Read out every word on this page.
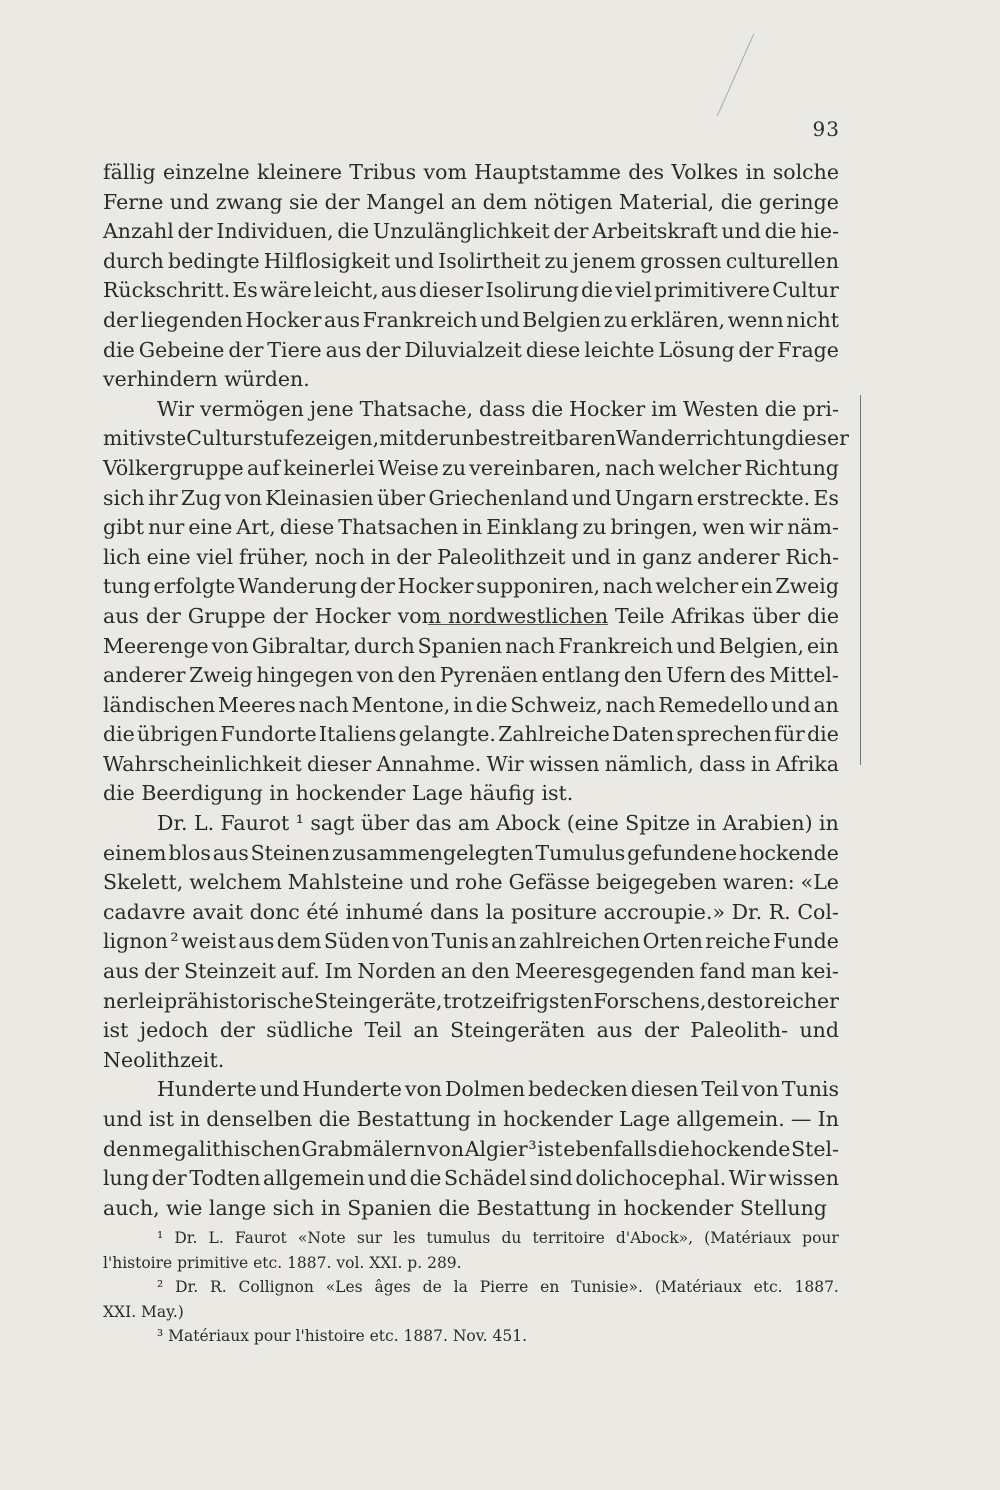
93
fällig einzelne kleinere Tribus vom Hauptstamme des Volkes in solche
Ferne und zwang sie der Mangel an dem nötigen Material, die geringe
Anzahl der Individuen, die Unzulänglichkeit der Arbeitskraft und die hie-
durch bedingte Hilflosigkeit und Isolirtheit zu jenem grossen culturellen
Rückschritt. Es wäre leicht, aus dieser Isolirung die viel primitivere Cultur
der liegenden Hocker aus Frankreich und Belgien zu erklären, wenn nicht
die Gebeine der Tiere aus der Diluvialzeit diese leichte Lösung der Frage
verhindern würden.
Wir vermögen jene Thatsache, dass die Hocker im Westen die pri-
mitivste Culturstufe zeigen, mit der unbestreitbaren Wanderrichtung dieser
Völkergruppe auf keinerlei Weise zu vereinbaren, nach welcher Richtung
sich ihr Zug von Kleinasien über Griechenland und Ungarn erstreckte. Es
gibt nur eine Art, diese Thatsachen in Einklang zu bringen, wen wir näm-
lich eine viel früher, noch in der Paleolithzeit und in ganz anderer Rich-
tung erfolgte Wanderung der Hocker supponiren, nach welcher ein Zweig
aus der Gruppe der Hocker vom nordwestlichen Teile Afrikas über die
Meerenge von Gibraltar, durch Spanien nach Frankreich und Belgien, ein
anderer Zweig hingegen von den Pyrenäen entlang den Ufern des Mittel-
ländischen Meeres nach Mentone, in die Schweiz, nach Remedello und an
die übrigen Fundorte Italiens gelangte. Zahlreiche Daten sprechen für die
Wahrscheinlichkeit dieser Annahme. Wir wissen nämlich, dass in Afrika
die Beerdigung in hockender Lage häufig ist.
Dr. L. Faurot ¹ sagt über das am Abock (eine Spitze in Arabien) in
einem blos aus Steinen zusammengelegten Tumulus gefundene hockende
Skelett, welchem Mahlsteine und rohe Gefässe beigegeben waren: «Le
cadavre avait donc été inhumé dans la positure accroupie.» Dr. R. Col-
lignon ² weist aus dem Süden von Tunis an zahlreichen Orten reiche Funde
aus der Steinzeit auf. Im Norden an den Meeresgegenden fand man kei-
nerlei prähistorische Steingeräte, trotz eifrigsten Forschens, desto reicher
ist jedoch der südliche Teil an Steingeräten aus der Paleolith- und
Neolithzeit.
Hunderte und Hunderte von Dolmen bedecken diesen Teil von Tunis
und ist in denselben die Bestattung in hockender Lage allgemein. — In
den megalithischen Grabmälern von Algier ³ ist ebenfalls die hockende Stel-
lung der Todten allgemein und die Schädel sind dolichocephal. Wir wissen
auch, wie lange sich in Spanien die Bestattung in hockender Stellung
¹ Dr. L. Faurot «Note sur les tumulus du territoire d'Abock», (Matériaux pour
l'histoire primitive etc. 1887. vol. XXI. p. 289.
² Dr. R. Collignon «Les âges de la Pierre en Tunisie». (Matériaux etc. 1887.
XXI. May.)
³ Matériaux pour l'histoire etc. 1887. Nov. 451.
